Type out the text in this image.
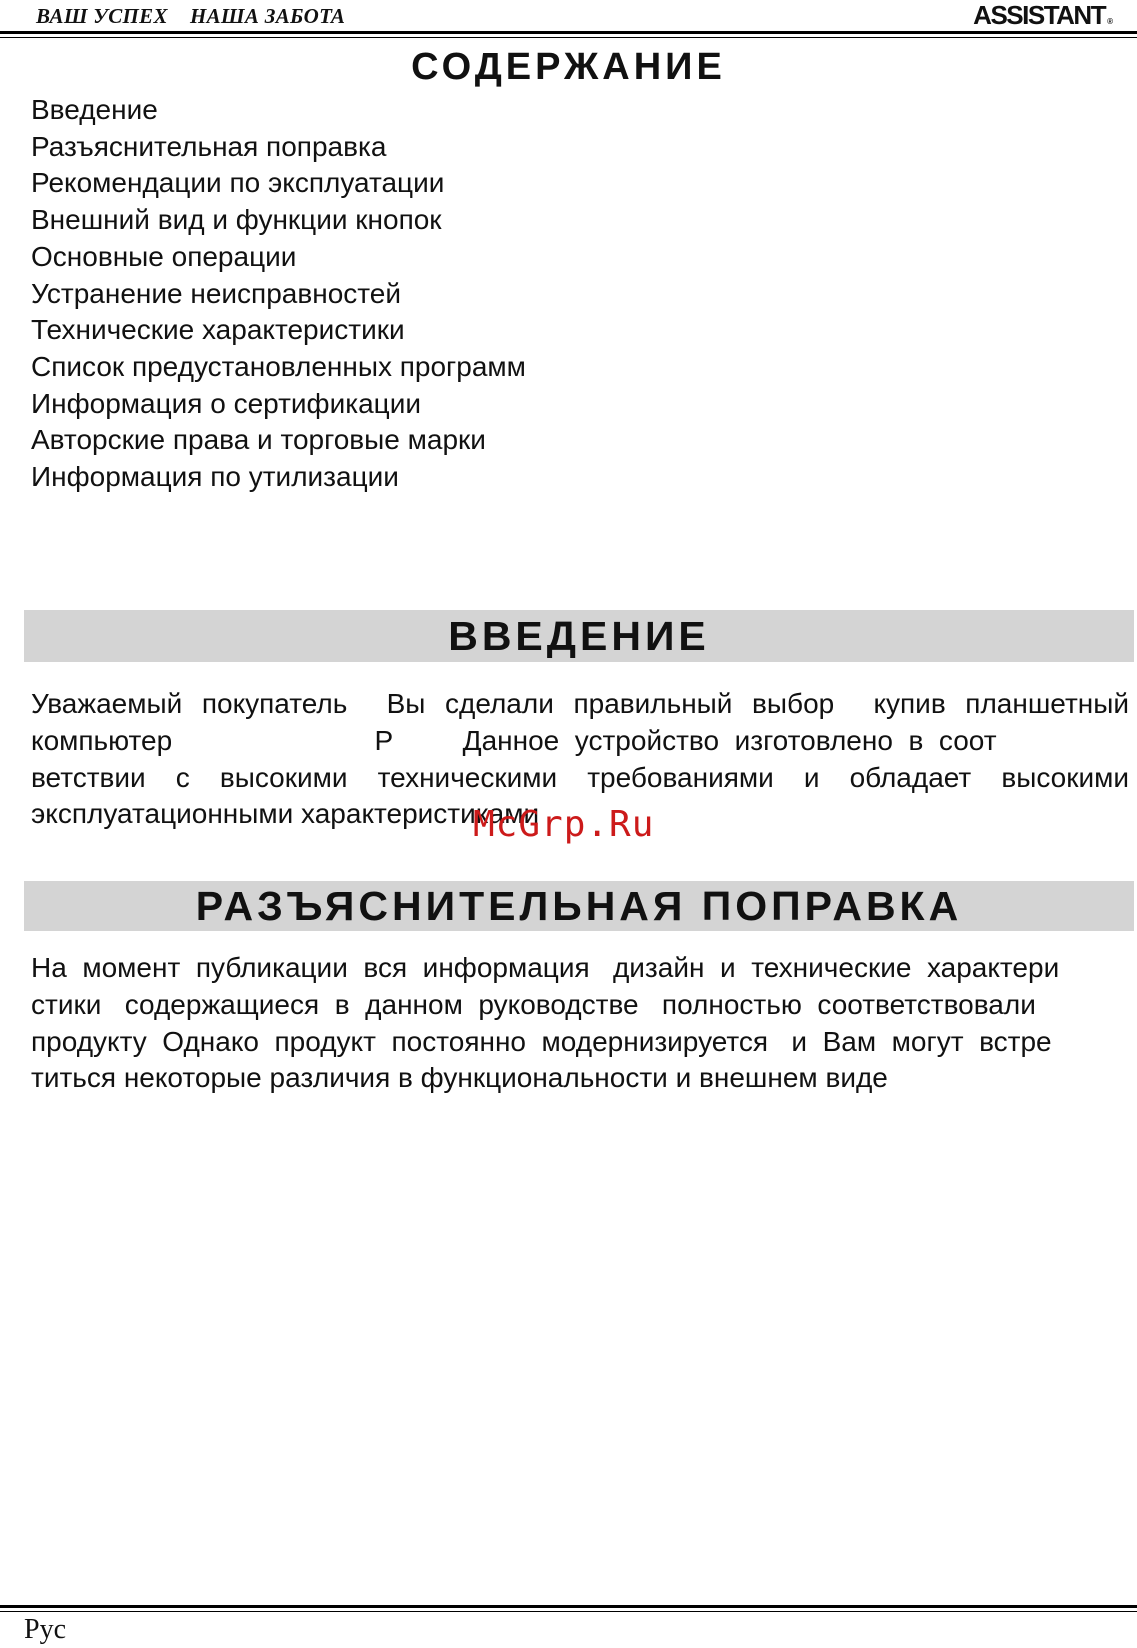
ВАШ УСПЕХ    НАША ЗАБОТА	ASSISTANT ®
СОДЕРЖАНИЕ
Введение
Разъяснительная поправка
Рекомендации по эксплуатации
Внешний вид и функции кнопок
Основные операции
Устранение неисправностей
Технические характеристики
Список предустановленных программ
Информация о сертификации
Авторские права и торговые марки
Информация по утилизации
ВВЕДЕНИЕ
Уважаемый покупатель  Вы сделали правильный выбор  купив планшетный
компьютер                          P         Данное  устройство  изготовлено  в  соот
ветствии  с  высокими  техническими  требованиями  и  обладает  высокими
эксплуатационными характеристиками
McGrp.Ru
РАЗЪЯСНИТЕЛЬНАЯ ПОПРАВКА
На  момент  публикации  вся  информация   дизайн  и  технические  характери
стики   содержащиеся  в  данном  руководстве   полностью  соответствовали
продукту  Однако  продукт  постоянно  модернизируется   и  Вам  могут  встре
титься некоторые различия в функциональности и внешнем виде
Рус
